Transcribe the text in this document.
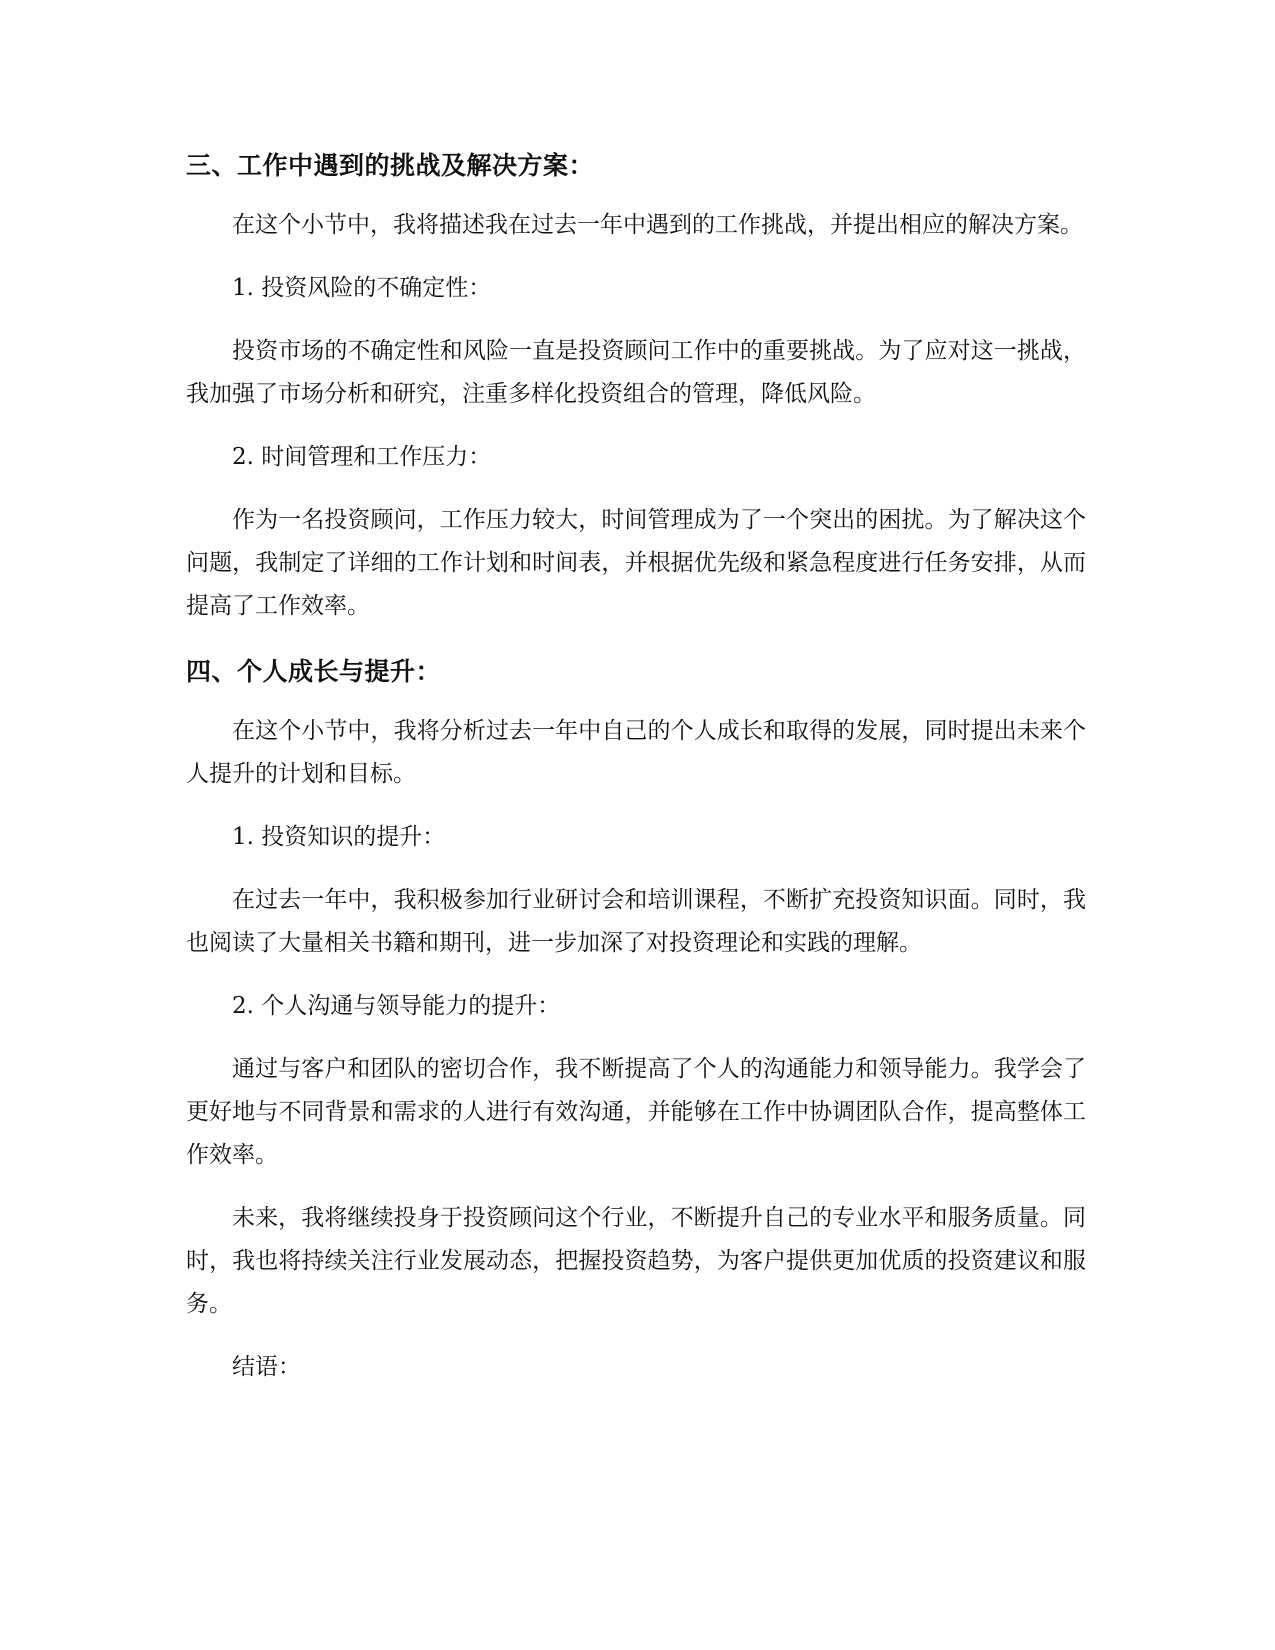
三、工作中遇到的挑战及解决方案：

在这个小节中，我将描述我在过去一年中遇到的工作挑战，并提出相应的解决方案。

1. 投资风险的不确定性：

投资市场的不确定性和风险一直是投资顾问工作中的重要挑战。为了应对这一挑战，我加强了市场分析和研究，注重多样化投资组合的管理，降低风险。

2. 时间管理和工作压力：

作为一名投资顾问，工作压力较大，时间管理成为了一个突出的困扰。为了解决这个问题，我制定了详细的工作计划和时间表，并根据优先级和紧急程度进行任务安排，从而提高了工作效率。

四、个人成长与提升：

在这个小节中，我将分析过去一年中自己的个人成长和取得的发展，同时提出未来个人提升的计划和目标。

1. 投资知识的提升：

在过去一年中，我积极参加行业研讨会和培训课程，不断扩充投资知识面。同时，我也阅读了大量相关书籍和期刊，进一步加深了对投资理论和实践的理解。

2. 个人沟通与领导能力的提升：

通过与客户和团队的密切合作，我不断提高了个人的沟通能力和领导能力。我学会了更好地与不同背景和需求的人进行有效沟通，并能够在工作中协调团队合作，提高整体工作效率。

未来，我将继续投身于投资顾问这个行业，不断提升自己的专业水平和服务质量。同时，我也将持续关注行业发展动态，把握投资趋势，为客户提供更加优质的投资建议和服务。

结语：
